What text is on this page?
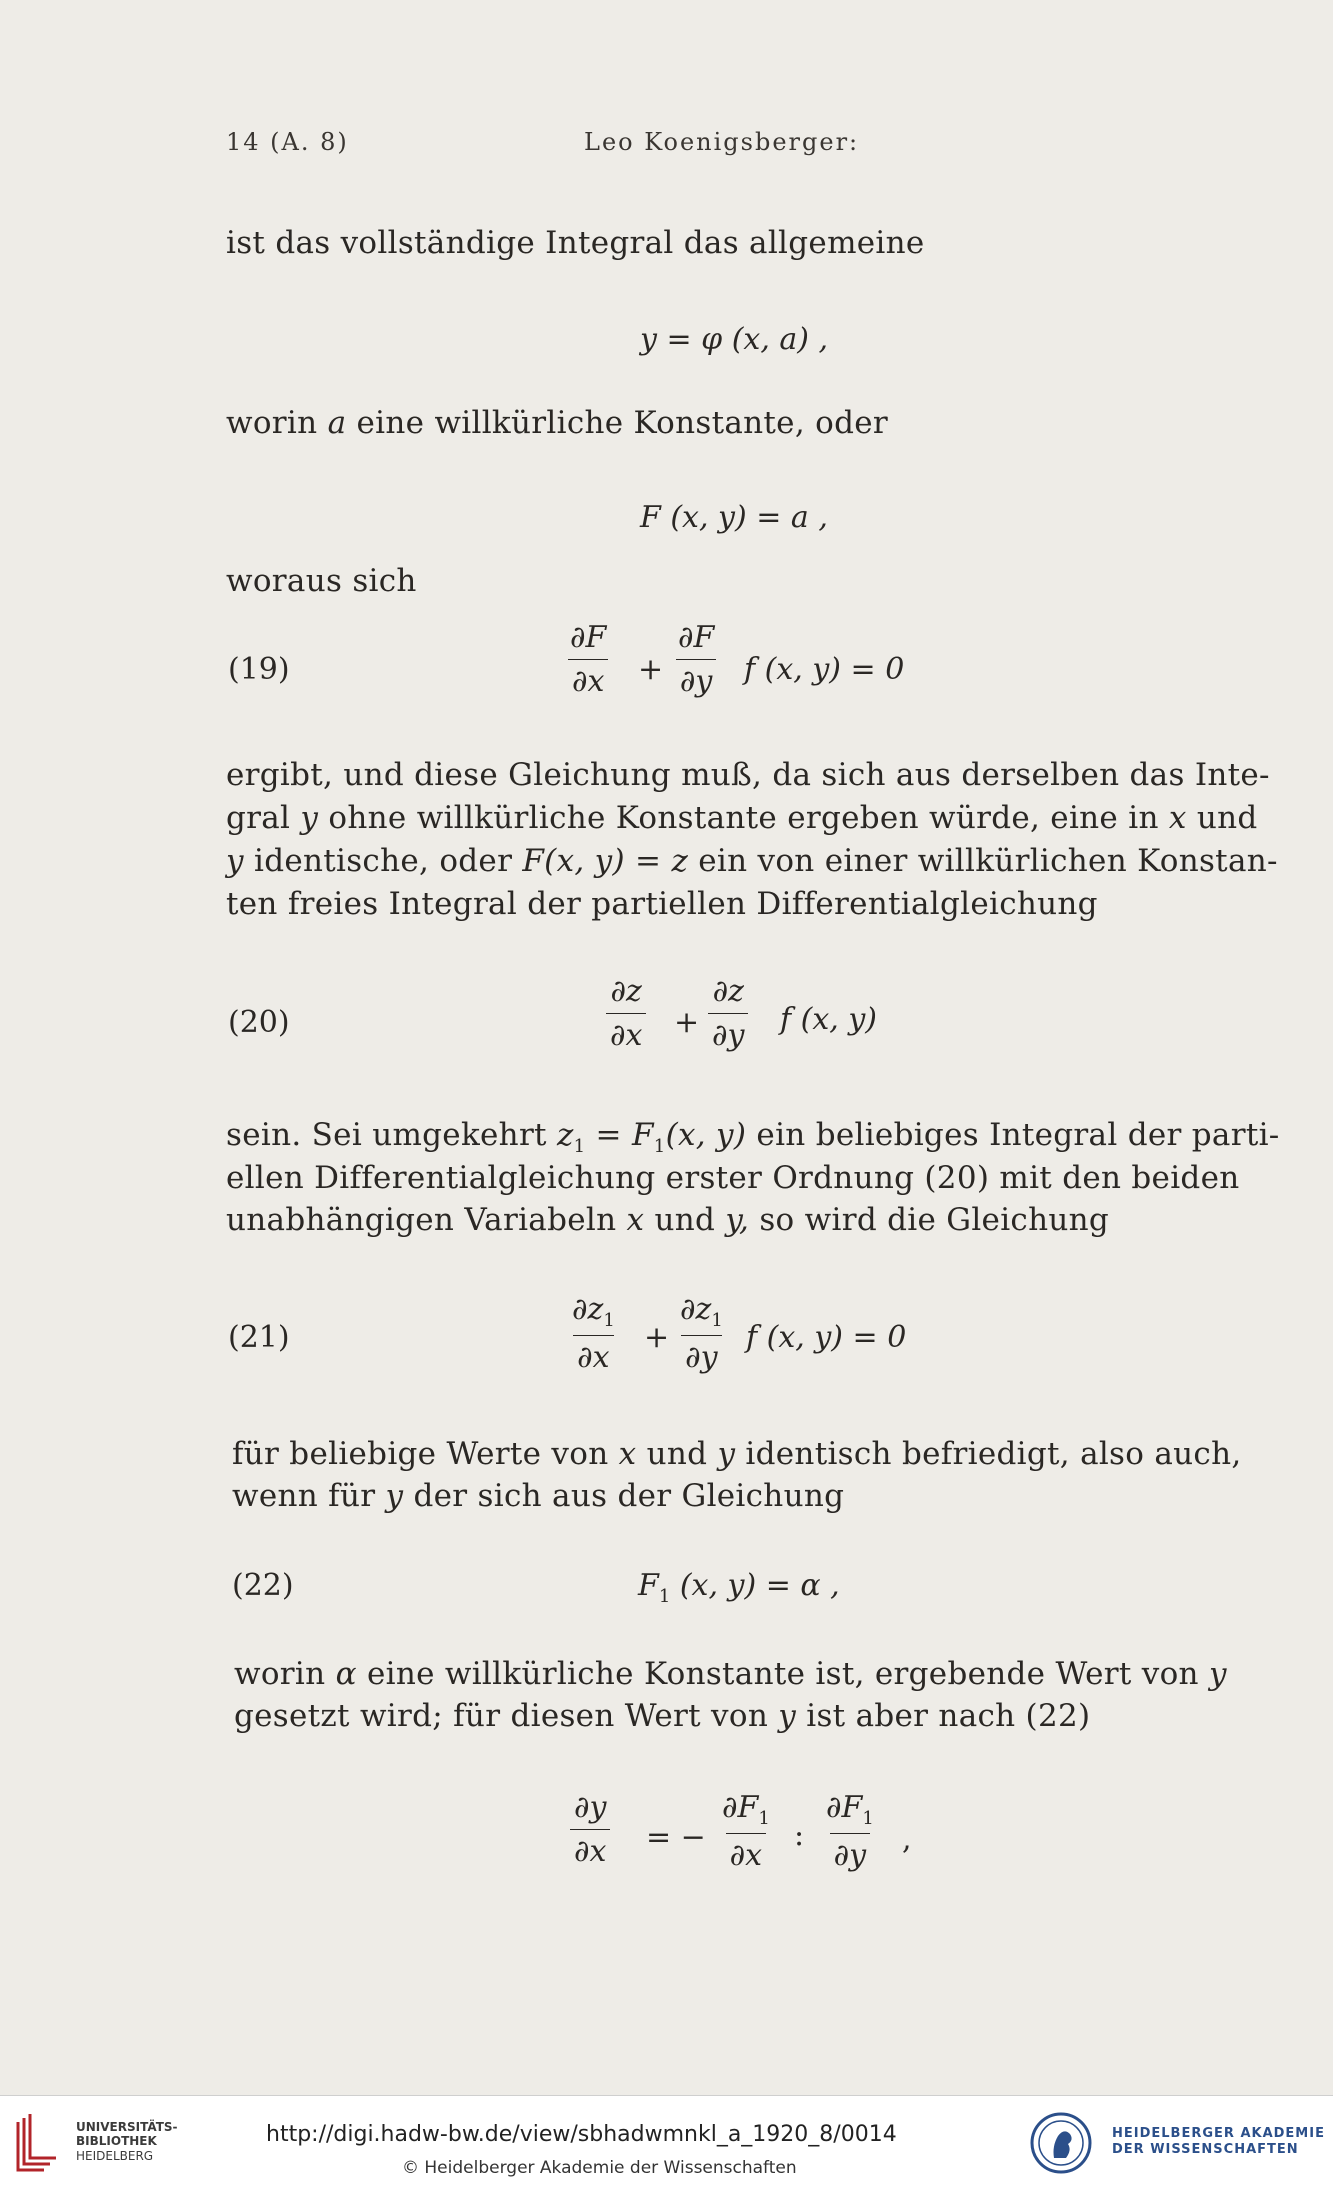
14 (A. 8)	Leo Koenigsberger:
ist das vollständige Integral das allgemeine
y = φ (x, a) ,
worin a eine willkürliche Konstante, oder
F (x, y) = a ,
woraus sich
(19)	$\frac{\partial F}{\partial x} + \frac{\partial F}{\partial y}$ f (x, y) = 0
ergibt, und diese Gleichung muß, da sich aus derselben das Inte-
gral y ohne willkürliche Konstante ergeben würde, eine in x und
y identische, oder F(x, y) = z ein von einer willkürlichen Konstan-
ten freies Integral der partiellen Differentialgleichung
(20)	$\frac{\partial z}{\partial x} + \frac{\partial z}{\partial y}$ f (x, y)
sein. Sei umgekehrt $z_1 = F_1(x$, y) ein beliebiges Integral der parti-
ellen Differentialgleichung erster Ordnung (20) mit den beiden
unabhängigen Variabeln x und y, so wird die Gleichung
(21)	$\frac{\partial z_1}{\partial x} + \frac{\partial z_1}{\partial y}$ f (x, y) = 0
für beliebige Werte von x und y identisch befriedigt, also auch,
wenn für y der sich aus der Gleichung
(22)	$F_1$ (x, y) = α ,
worin α eine willkürliche Konstante ist, ergebende Wert von y
gesetzt wird; für diesen Wert von y ist aber nach (22)
$\frac{\partial y}{\partial x}$ = − $\frac{\partial F_1}{\partial x}$ : $\frac{\partial F_1}{\partial y}$ ,
UNIVERSITÄTS-
BIBLIOTHEK
HEIDELBERG
http://digi.hadw-bw.de/view/sbhadwmnkl_a_1920_8/0014
© Heidelberger Akademie der Wissenschaften
HEIDELBERGER AKADEMIE
DER WISSENSCHAFTEN
